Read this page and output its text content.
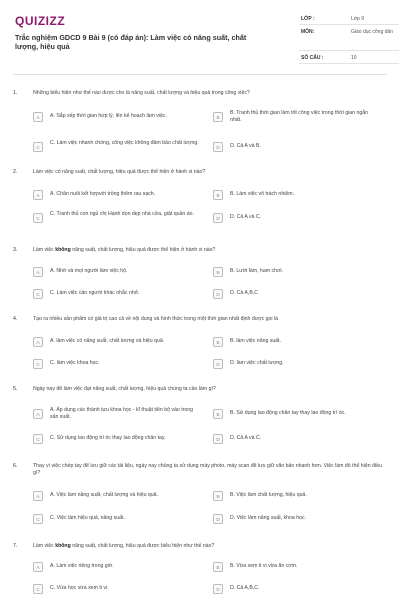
QUIZIZZ
Trắc nghiệm GDCD 9 Bài 9 (có đáp án): Làm việc có năng suất, chất lượng, hiệu quả
LỚP :	Lớp 9
MÔN:	Giáo dục công dân
SỐ CÂU :	10
1.	Những biểu hiện như thế nào được cho là năng suất, chất lượng và hiệu quả trong công việc?
A	A. Sắp xếp thời gian hợp lý, lên kế hoạch làm việc.	B
B. Tranh thủ thời gian làm tốt công việc trong thời gian ngắn nhất.
C
C. Làm việc nhanh chóng, công việc không đảm bảo chất lượng.
D	D. Cả A và B.
2.	Làm việc có năng suất, chất lượng, hiệu quả được thể hiện ở hành vi nào?
A	A. Chăn nuôi kết hợpvới trồng thêm rau sạch.	B	B. Làm việc vô trách nhiệm.
C
C. Tranh thủ con ngủ chị Hạnh dọn dẹp nhà cửa, giặt quần áo.
D	D. Cả A và C.
3.	Làm việc không năng suất, chất lượng, hiệu quả được thể hiện ở hành vi nào?
A	A. Nhờ và mọi người làm việc hộ.	B	B. Lười làm, ham chơi.
C	C. Làm việc cần người khác nhắc nhở.	D	D. Cả A,B,C
4.	Tạo ra nhiều sản phẩm có giá trị cao cả về nội dung và hình thức trong một thời gian nhất định được gọi là
A	A. làm việc có năng suất, chất lượng và hiệu quả.	B	B. làm việc năng suất.
C	C. làm việc khoa học.	D	D. làm việc chất lượng.
5.	Ngày nay để làm việc đạt năng suất, chất lượng, hiệu quả chúng ta cần làm gì?
A
A. Áp dụng các thành tựu khoa học - kĩ thuật tiên bộ vào trong sản xuất.	B	B. Sử dụng lao động chân tay thay lao động trí óc.
C	C. Sử dụng lao động trí óc thay lao động chân tay.	D	D. Cả A và C.
6.	Thay vì việc chép tay để lưu giữ các tài liệu, ngày nay chúng ta sử dụng máy photo, máy scan để lưu giữ văn bản nhanh hơn. Việc làm đó thể hiện điều gì?
A	A. Việc làm năng suất, chất lượng và hiệu quả.	B	B. Việc làm chất lượng, hiệu quả.
C	C. Việc làm hiệu quả, năng suất.	D	D. Việc làm năng suất, khoa học.
7.	Làm việc không năng suất, chất lượng, hiệu quả được biểu hiện như thế nào?
A	A. Làm việc riêng trong giờ.	B	B. Vừa xem ti vi vừa ăn cơm.
C	C. Vừa học vừa xem ti vi.	D	D. Cả A,B,C.
